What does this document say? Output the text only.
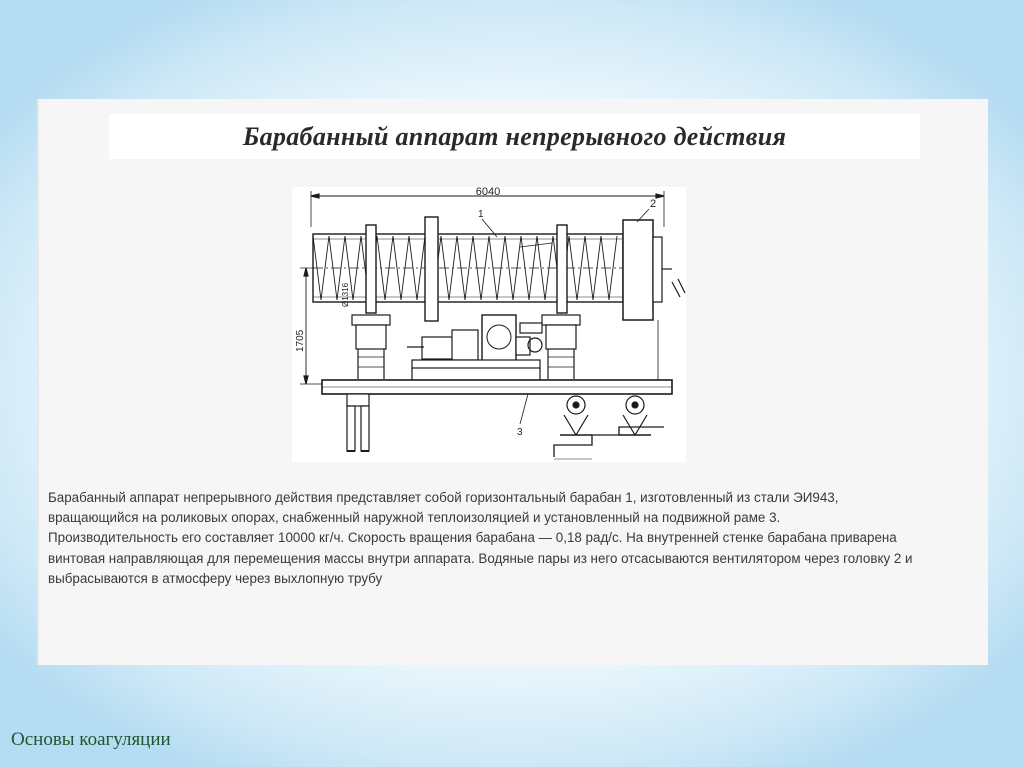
Барабанный аппарат непрерывного действия
6040
1
2
3
1705
Ø1316

Барабанный аппарат непрерывного действия представляет собой горизонтальный барабан 1, изготовленный из стали ЭИ943,

вращающийся на роликовых опорах, снабженный наружной теплоизоляцией и установленный на подвижной раме 3.

Производительность его составляет 10000 кг/ч. Скорость вращения барабана — 0,18 рад/с. На внутренней стенке барабана приварена

винтовая направляющая для перемещения массы внутри аппарата. Водяные пары из него отсасываются вентилятором через головку 2 и

выбрасываются в атмосферу через выхлопную трубу

Основы коагуляции
